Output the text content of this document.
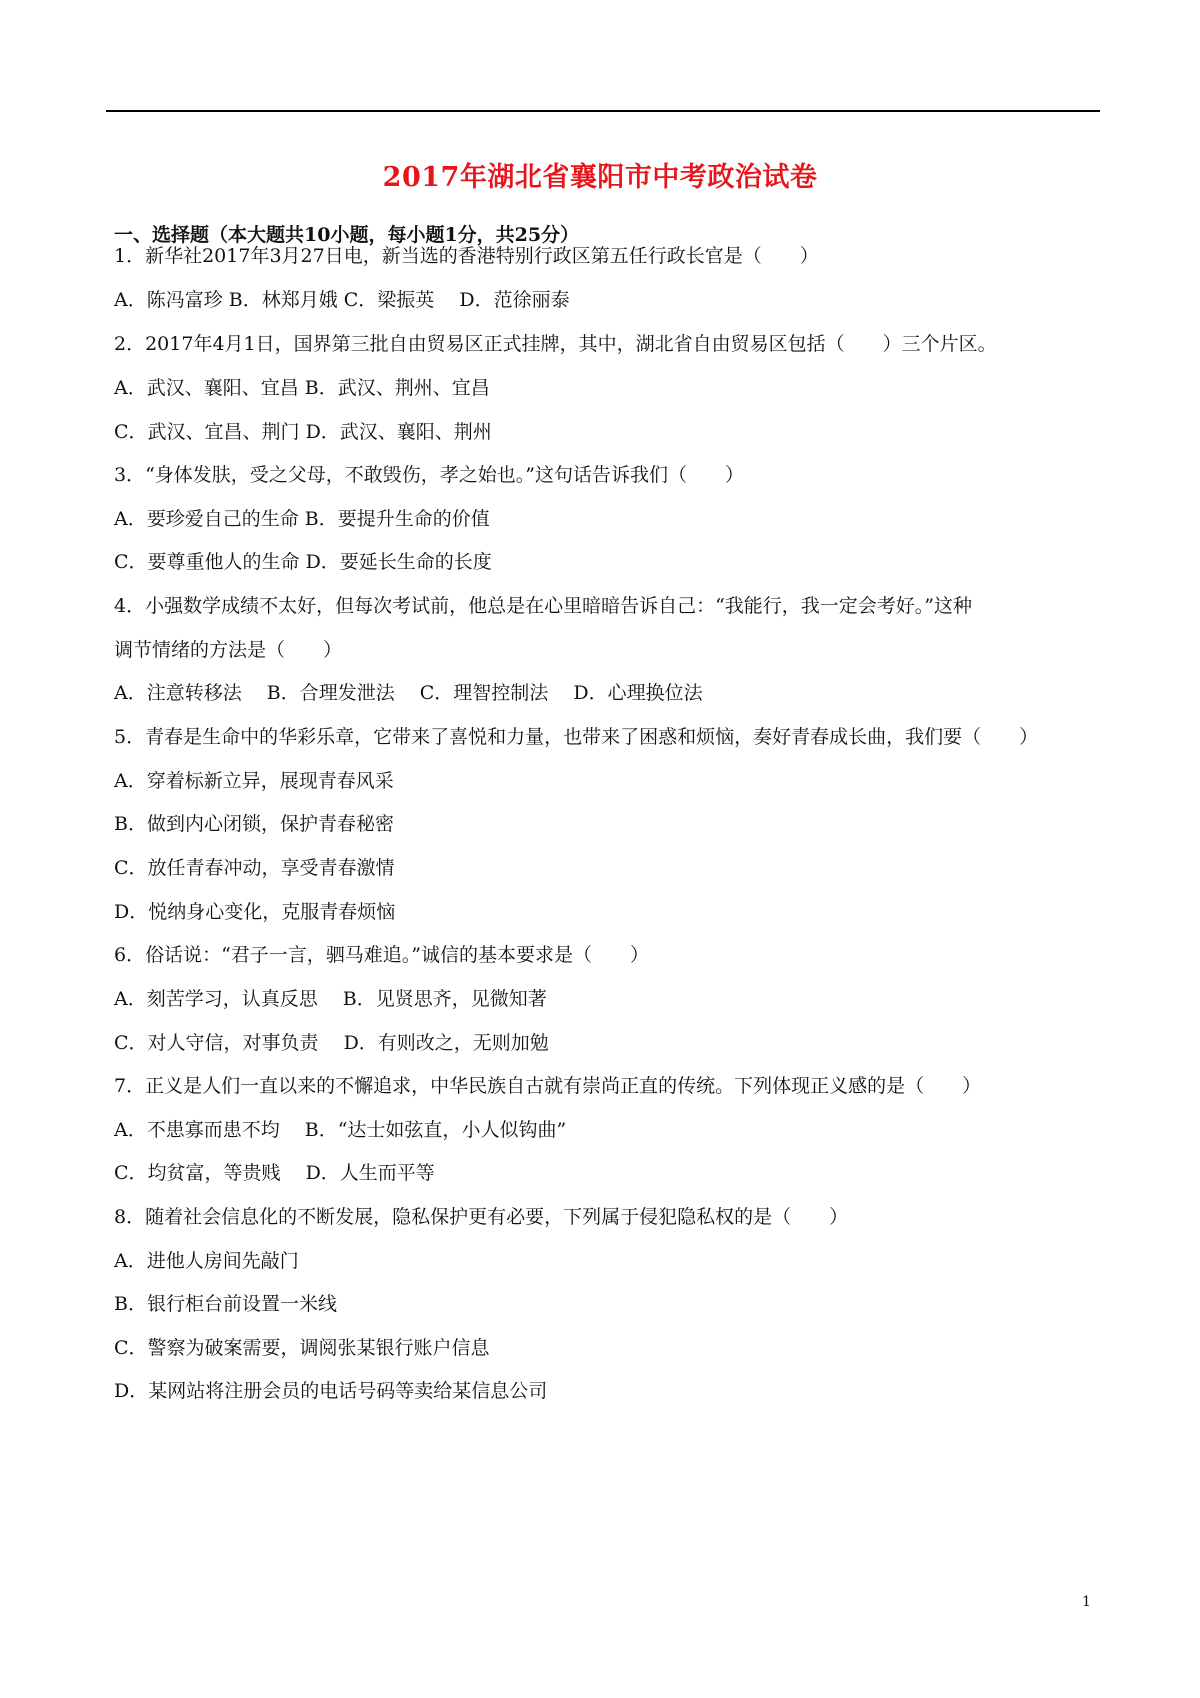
2017年湖北省襄阳市中考政治试卷
一、选择题（本大题共10小题，每小题1分，共25分）
1．新华社2017年3月27日电，新当选的香港特别行政区第五任行政长官是（　　）
A．陈冯富珍 B．林郑月娥 C．梁振英　 D．范徐丽泰
2．2017年4月1日，国界第三批自由贸易区正式挂牌，其中，湖北省自由贸易区包括（　　）三个片区。
A．武汉、襄阳、宜昌 B．武汉、荆州、宜昌
C．武汉、宜昌、荆门 D．武汉、襄阳、荆州
3．“身体发肤，受之父母，不敢毁伤，孝之始也。”这句话告诉我们（　　）
A．要珍爱自己的生命 B．要提升生命的价值
C．要尊重他人的生命 D．要延长生命的长度
4．小强数学成绩不太好，但每次考试前，他总是在心里暗暗告诉自己：“我能行，我一定会考好。”这种
调节情绪的方法是（　　）
A．注意转移法　 B．合理发泄法　 C．理智控制法　 D．心理换位法
5．青春是生命中的华彩乐章，它带来了喜悦和力量，也带来了困惑和烦恼，奏好青春成长曲，我们要（　　）
A．穿着标新立异，展现青春风采
B．做到内心闭锁，保护青春秘密
C．放任青春冲动，享受青春激情
D．悦纳身心变化，克服青春烦恼
6．俗话说：“君子一言，驷马难追。”诚信的基本要求是（　　）
A．刻苦学习，认真反思　 B．见贤思齐，见微知著
C．对人守信，对事负责　 D．有则改之，无则加勉
7．正义是人们一直以来的不懈追求，中华民族自古就有崇尚正直的传统。下列体现正义感的是（　　）
A．不患寡而患不均　 B．“达士如弦直，小人似钩曲”
C．均贫富，等贵贱　 D．人生而平等
8．随着社会信息化的不断发展，隐私保护更有必要，下列属于侵犯隐私权的是（　　）
A．进他人房间先敲门
B．银行柜台前设置一米线
C．警察为破案需要，调阅张某银行账户信息
D．某网站将注册会员的电话号码等卖给某信息公司
1
